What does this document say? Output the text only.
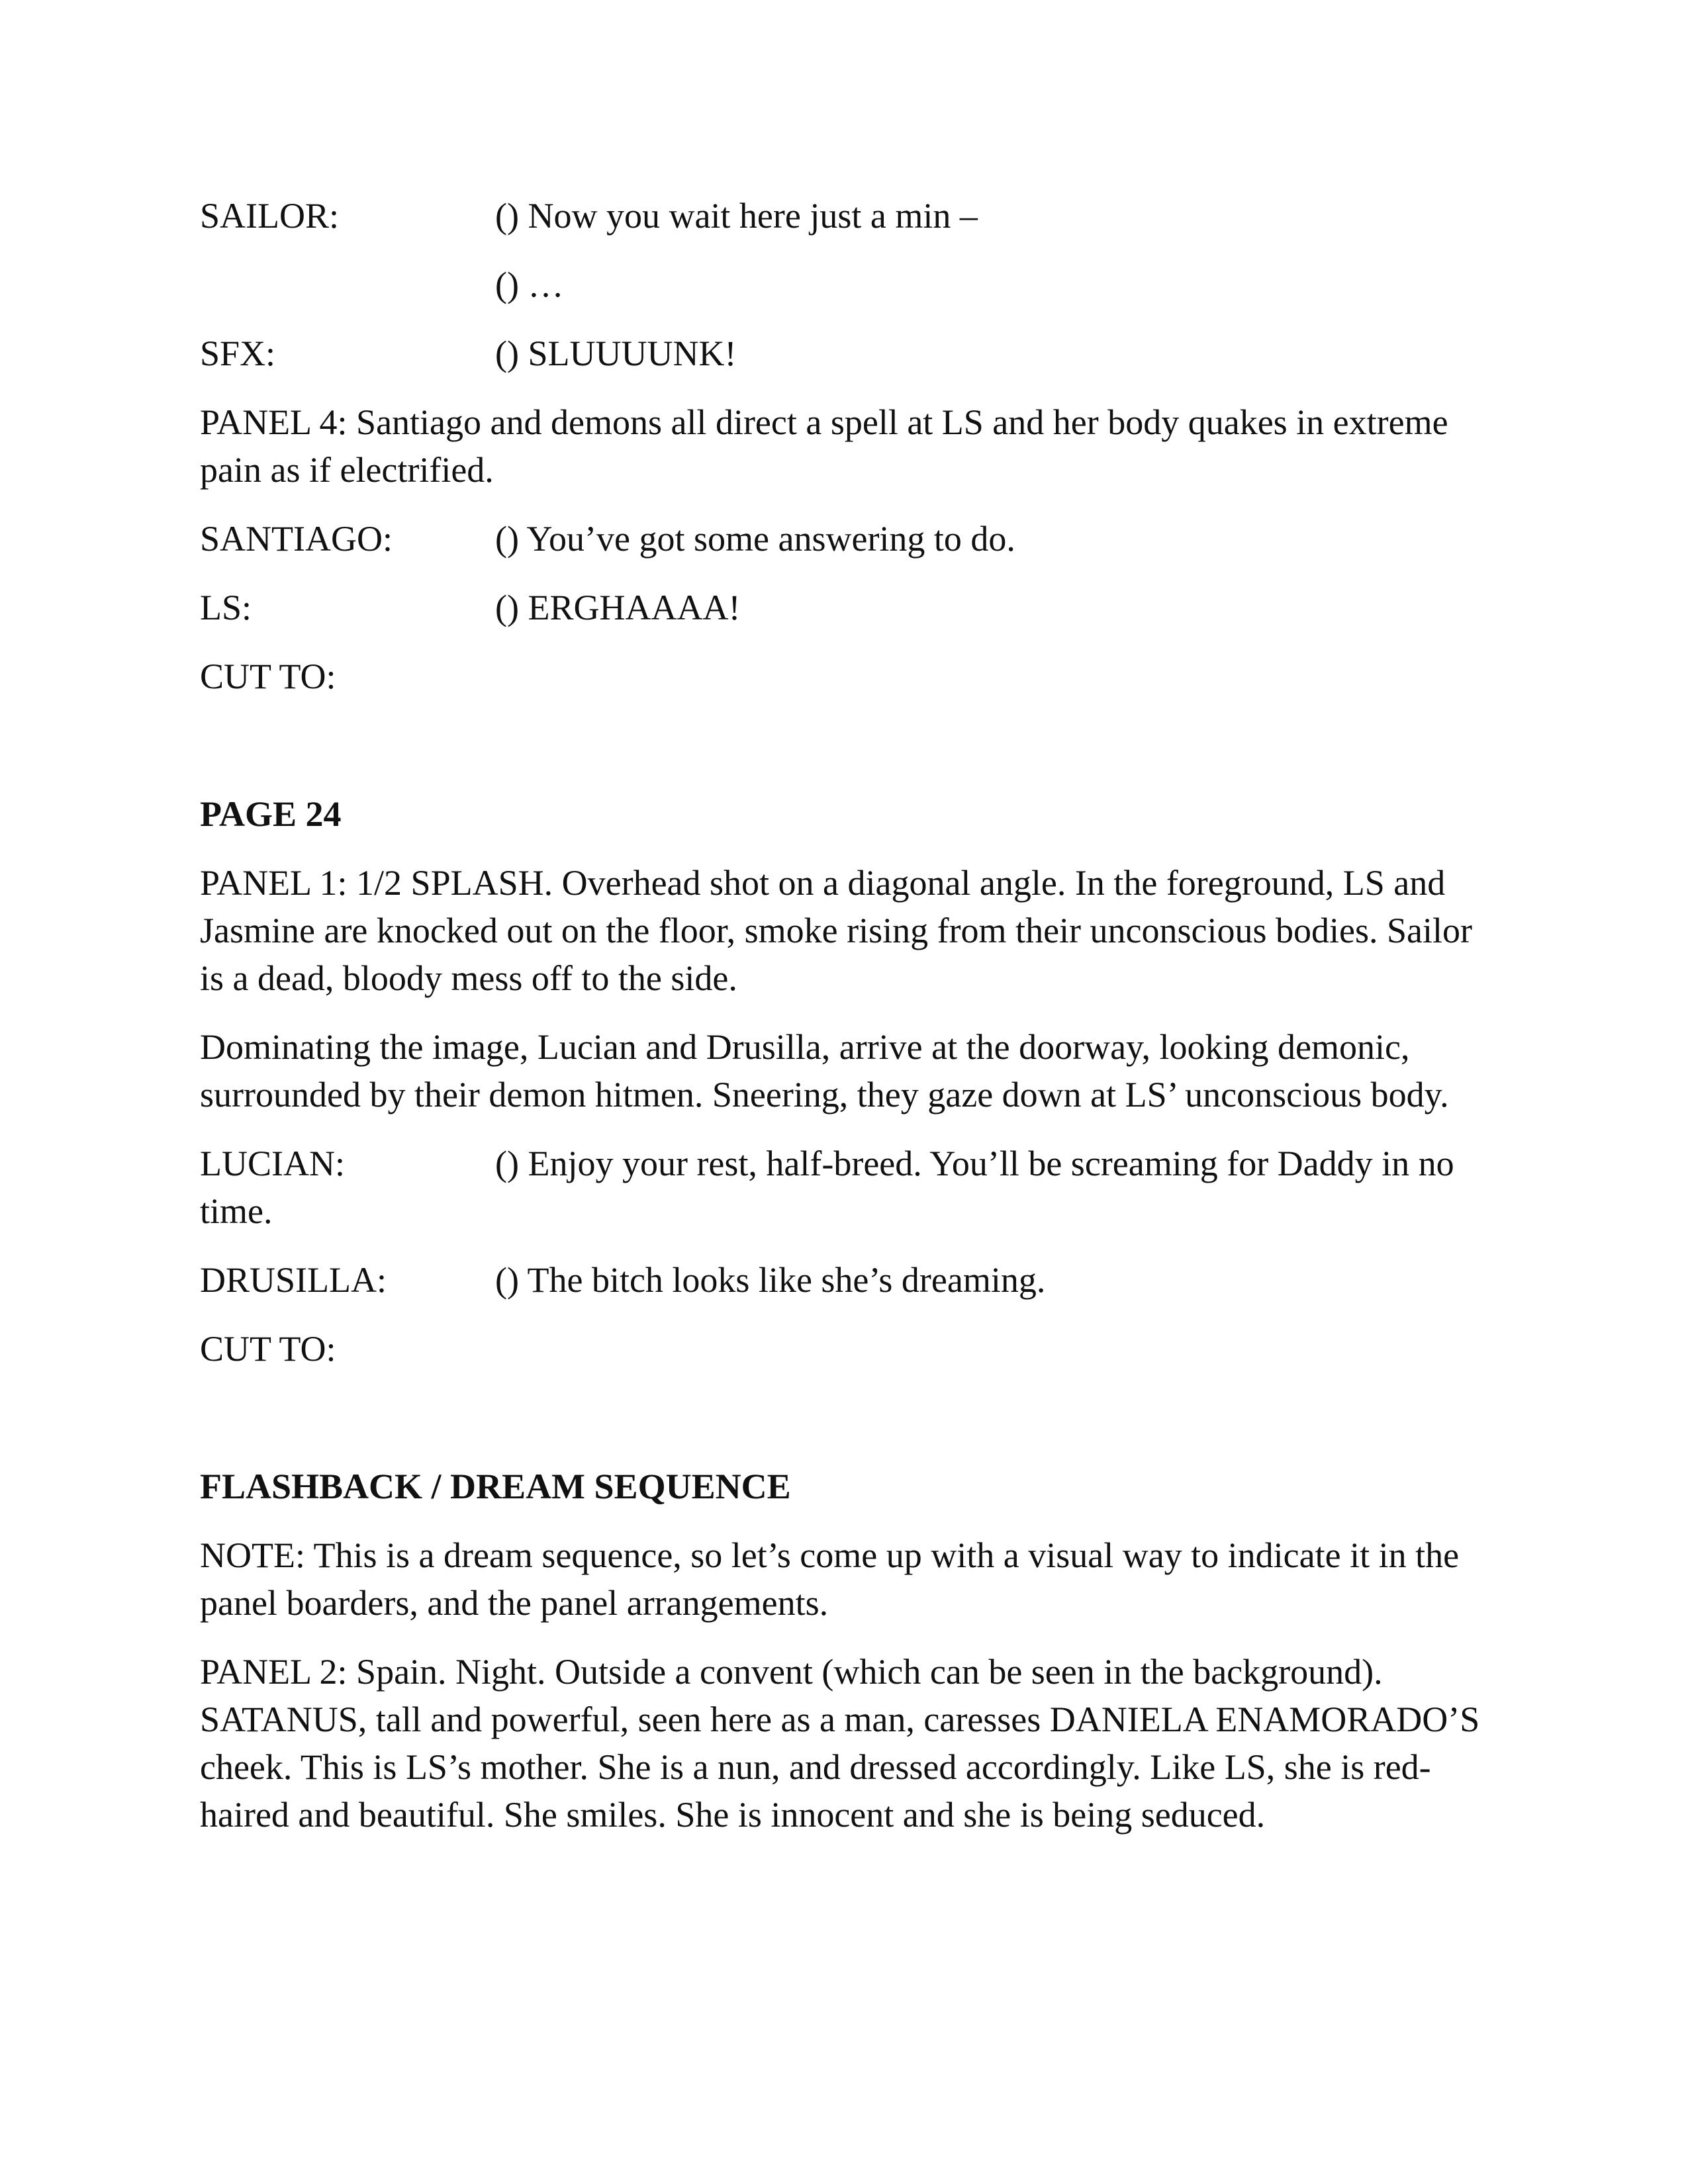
SAILOR:	() Now you wait here just a min –
() …
SFX:	() SLUUUUNK!

PANEL 4: Santiago and demons all direct a spell at LS and her body quakes in extreme pain as if electrified.

SANTIAGO:	() You’ve got some answering to do.
LS:	() ERGHAAAA!

CUT TO:

PAGE 24

PANEL 1: 1/2 SPLASH. Overhead shot on a diagonal angle. In the foreground, LS and Jasmine are knocked out on the floor, smoke rising from their unconscious bodies. Sailor is a dead, bloody mess off to the side.

Dominating the image, Lucian and Drusilla, arrive at the doorway, looking demonic, surrounded by their demon hitmen. Sneering, they gaze down at LS’ unconscious body.

LUCIAN:	() Enjoy your rest, half-breed. You’ll be screaming for Daddy in no time.

DRUSILLA:	() The bitch looks like she’s dreaming.

CUT TO:

FLASHBACK / DREAM SEQUENCE

NOTE: This is a dream sequence, so let’s come up with a visual way to indicate it in the panel boarders, and the panel arrangements.

PANEL 2: Spain. Night. Outside a convent (which can be seen in the background). SATANUS, tall and powerful, seen here as a man, caresses DANIELA ENAMORADO’S cheek. This is LS’s mother. She is a nun, and dressed accordingly. Like LS, she is red-haired and beautiful. She smiles. She is innocent and she is being seduced.
